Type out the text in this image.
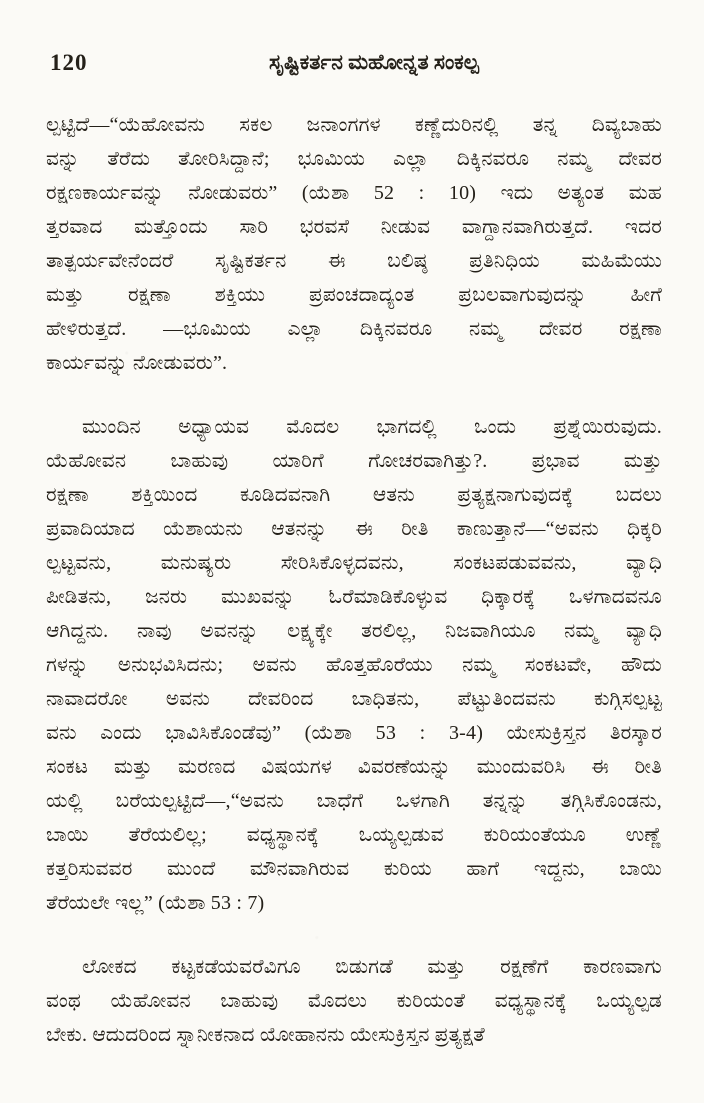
120	ಸೃಷ್ಟಿಕರ್ತನ ಮಹೋನ್ನತ ಸಂಕಲ್ಪ
ಲ್ಪಟ್ಟಿದೆ—“ಯೆಹೋವನು ಸಕಲ ಜನಾಂಗಗಳ ಕಣ್ಣೆದುರಿನಲ್ಲಿ ತನ್ನ ದಿವ್ಯಬಾಹು
ವನ್ನು ತೆರೆದು ತೋರಿಸಿದ್ದಾನೆ; ಭೂಮಿಯ ಎಲ್ಲಾ ದಿಕ್ಕಿನವರೂ ನಮ್ಮ ದೇವರ
ರಕ್ಷಣಕಾರ್ಯವನ್ನು ನೋಡುವರು” (ಯೆಶಾ 52 : 10) ಇದು ಅತ್ಯಂತ ಮಹ
ತ್ತರವಾದ ಮತ್ತೊಂದು ಸಾರಿ ಭರವಸೆ ನೀಡುವ ವಾಗ್ದಾನವಾಗಿರುತ್ತದೆ. ಇದರ
ತಾತ್ಪರ್ಯವೇನೆಂದರೆ ಸೃಷ್ಟಿಕರ್ತನ ಈ ಬಲಿಷ್ಠ ಪ್ರತಿನಿಧಿಯ ಮಹಿಮೆಯು
ಮತ್ತು ರಕ್ಷಣಾ ಶಕ್ತಿಯು ಪ್ರಪಂಚದಾದ್ಯಂತ ಪ್ರಬಲವಾಗುವುದನ್ನು ಹೀಗೆ
ಹೇಳಿರುತ್ತದೆ. —ಭೂಮಿಯ ಎಲ್ಲಾ ದಿಕ್ಕಿನವರೂ ನಮ್ಮ ದೇವರ ರಕ್ಷಣಾ
ಕಾರ್ಯವನ್ನು ನೋಡುವರು”.
ಮುಂದಿನ ಅಧ್ಯಾಯವ ಮೊದಲ ಭಾಗದಲ್ಲಿ ಒಂದು ಪ್ರಶ್ನೆಯಿರುವುದು.
ಯೆಹೋವನ ಬಾಹುವು ಯಾರಿಗೆ ಗೋಚರವಾಗಿತ್ತು?. ಪ್ರಭಾವ ಮತ್ತು
ರಕ್ಷಣಾ ಶಕ್ತಿಯಿಂದ ಕೂಡಿದವನಾಗಿ ಆತನು ಪ್ರತ್ಯಕ್ಷನಾಗುವುದಕ್ಕೆ ಬದಲು
ಪ್ರವಾದಿಯಾದ ಯೆಶಾಯನು ಆತನನ್ನು ಈ ರೀತಿ ಕಾಣುತ್ತಾನೆ—“ಅವನು ಧಿಕ್ಕರಿ
ಲ್ಪಟ್ಟವನು, ಮನುಷ್ಯರು ಸೇರಿಸಿಕೊಳ್ಳದವನು, ಸಂಕಟಪಡುವವನು, ವ್ಯಾಧಿ
ಪೀಡಿತನು, ಜನರು ಮುಖವನ್ನು ಓರೆಮಾಡಿಕೊಳ್ಳುವ ಧಿಕ್ಕಾರಕ್ಕೆ ಒಳಗಾದವನೂ
ಆಗಿದ್ದನು. ನಾವು ಅವನನ್ನು ಲಕ್ಷ್ಯಕ್ಕೇ ತರಲಿಲ್ಲ, ನಿಜವಾಗಿಯೂ ನಮ್ಮ ವ್ಯಾಧಿ
ಗಳನ್ನು ಅನುಭವಿಸಿದನು; ಅವನು ಹೊತ್ತಹೊರೆಯು ನಮ್ಮ ಸಂಕಟವೇ, ಹೌದು
ನಾವಾದರೋ ಅವನು ದೇವರಿಂದ ಬಾಧಿತನು, ಪೆಟ್ಟುತಿಂದವನು ಕುಗ್ಗಿಸಲ್ಪಟ್ಟ
ವನು ಎಂದು ಭಾವಿಸಿಕೊಂಡೆವು” (ಯೆಶಾ 53 : 3-4) ಯೇಸುಕ್ರಿಸ್ತನ ತಿರಸ್ಕಾರ
ಸಂಕಟ ಮತ್ತು ಮರಣದ ವಿಷಯಗಳ ವಿವರಣೆಯನ್ನು ಮುಂದುವರಿಸಿ ಈ ರೀತಿ
ಯಲ್ಲಿ ಬರೆಯಲ್ಪಟ್ಟಿದೆ—,“ಅವನು ಬಾಧೆಗೆ ಒಳಗಾಗಿ ತನ್ನನ್ನು ತಗ್ಗಿಸಿಕೊಂಡನು,
ಬಾಯಿ ತೆರೆಯಲಿಲ್ಲ; ವಧ್ಯಸ್ಥಾನಕ್ಕೆ ಒಯ್ಯಲ್ಪಡುವ ಕುರಿಯಂತೆಯೂ ಉಣ್ಣೆ
ಕತ್ತರಿಸುವವರ ಮುಂದೆ ಮೌನವಾಗಿರುವ ಕುರಿಯ ಹಾಗೆ ಇದ್ದನು, ಬಾಯಿ
ತೆರೆಯಲೇ ಇಲ್ಲ” (ಯೆಶಾ 53 : 7)
ಲೋಕದ ಕಟ್ಟಕಡೆಯವರೆವಿಗೂ ಬಿಡುಗಡೆ ಮತ್ತು ರಕ್ಷಣೆಗೆ ಕಾರಣವಾಗು
ವಂಥ ಯೆಹೋವನ ಬಾಹುವು ಮೊದಲು ಕುರಿಯಂತೆ ವಧ್ಯಸ್ಥಾನಕ್ಕೆ ಒಯ್ಯಲ್ಪಡ
ಬೇಕು. ಆದುದರಿಂದ ಸ್ನಾನೀಕನಾದ ಯೋಹಾನನು ಯೇಸುಕ್ರಿಸ್ತನ ಪ್ರತ್ಯಕ್ಷತೆ
